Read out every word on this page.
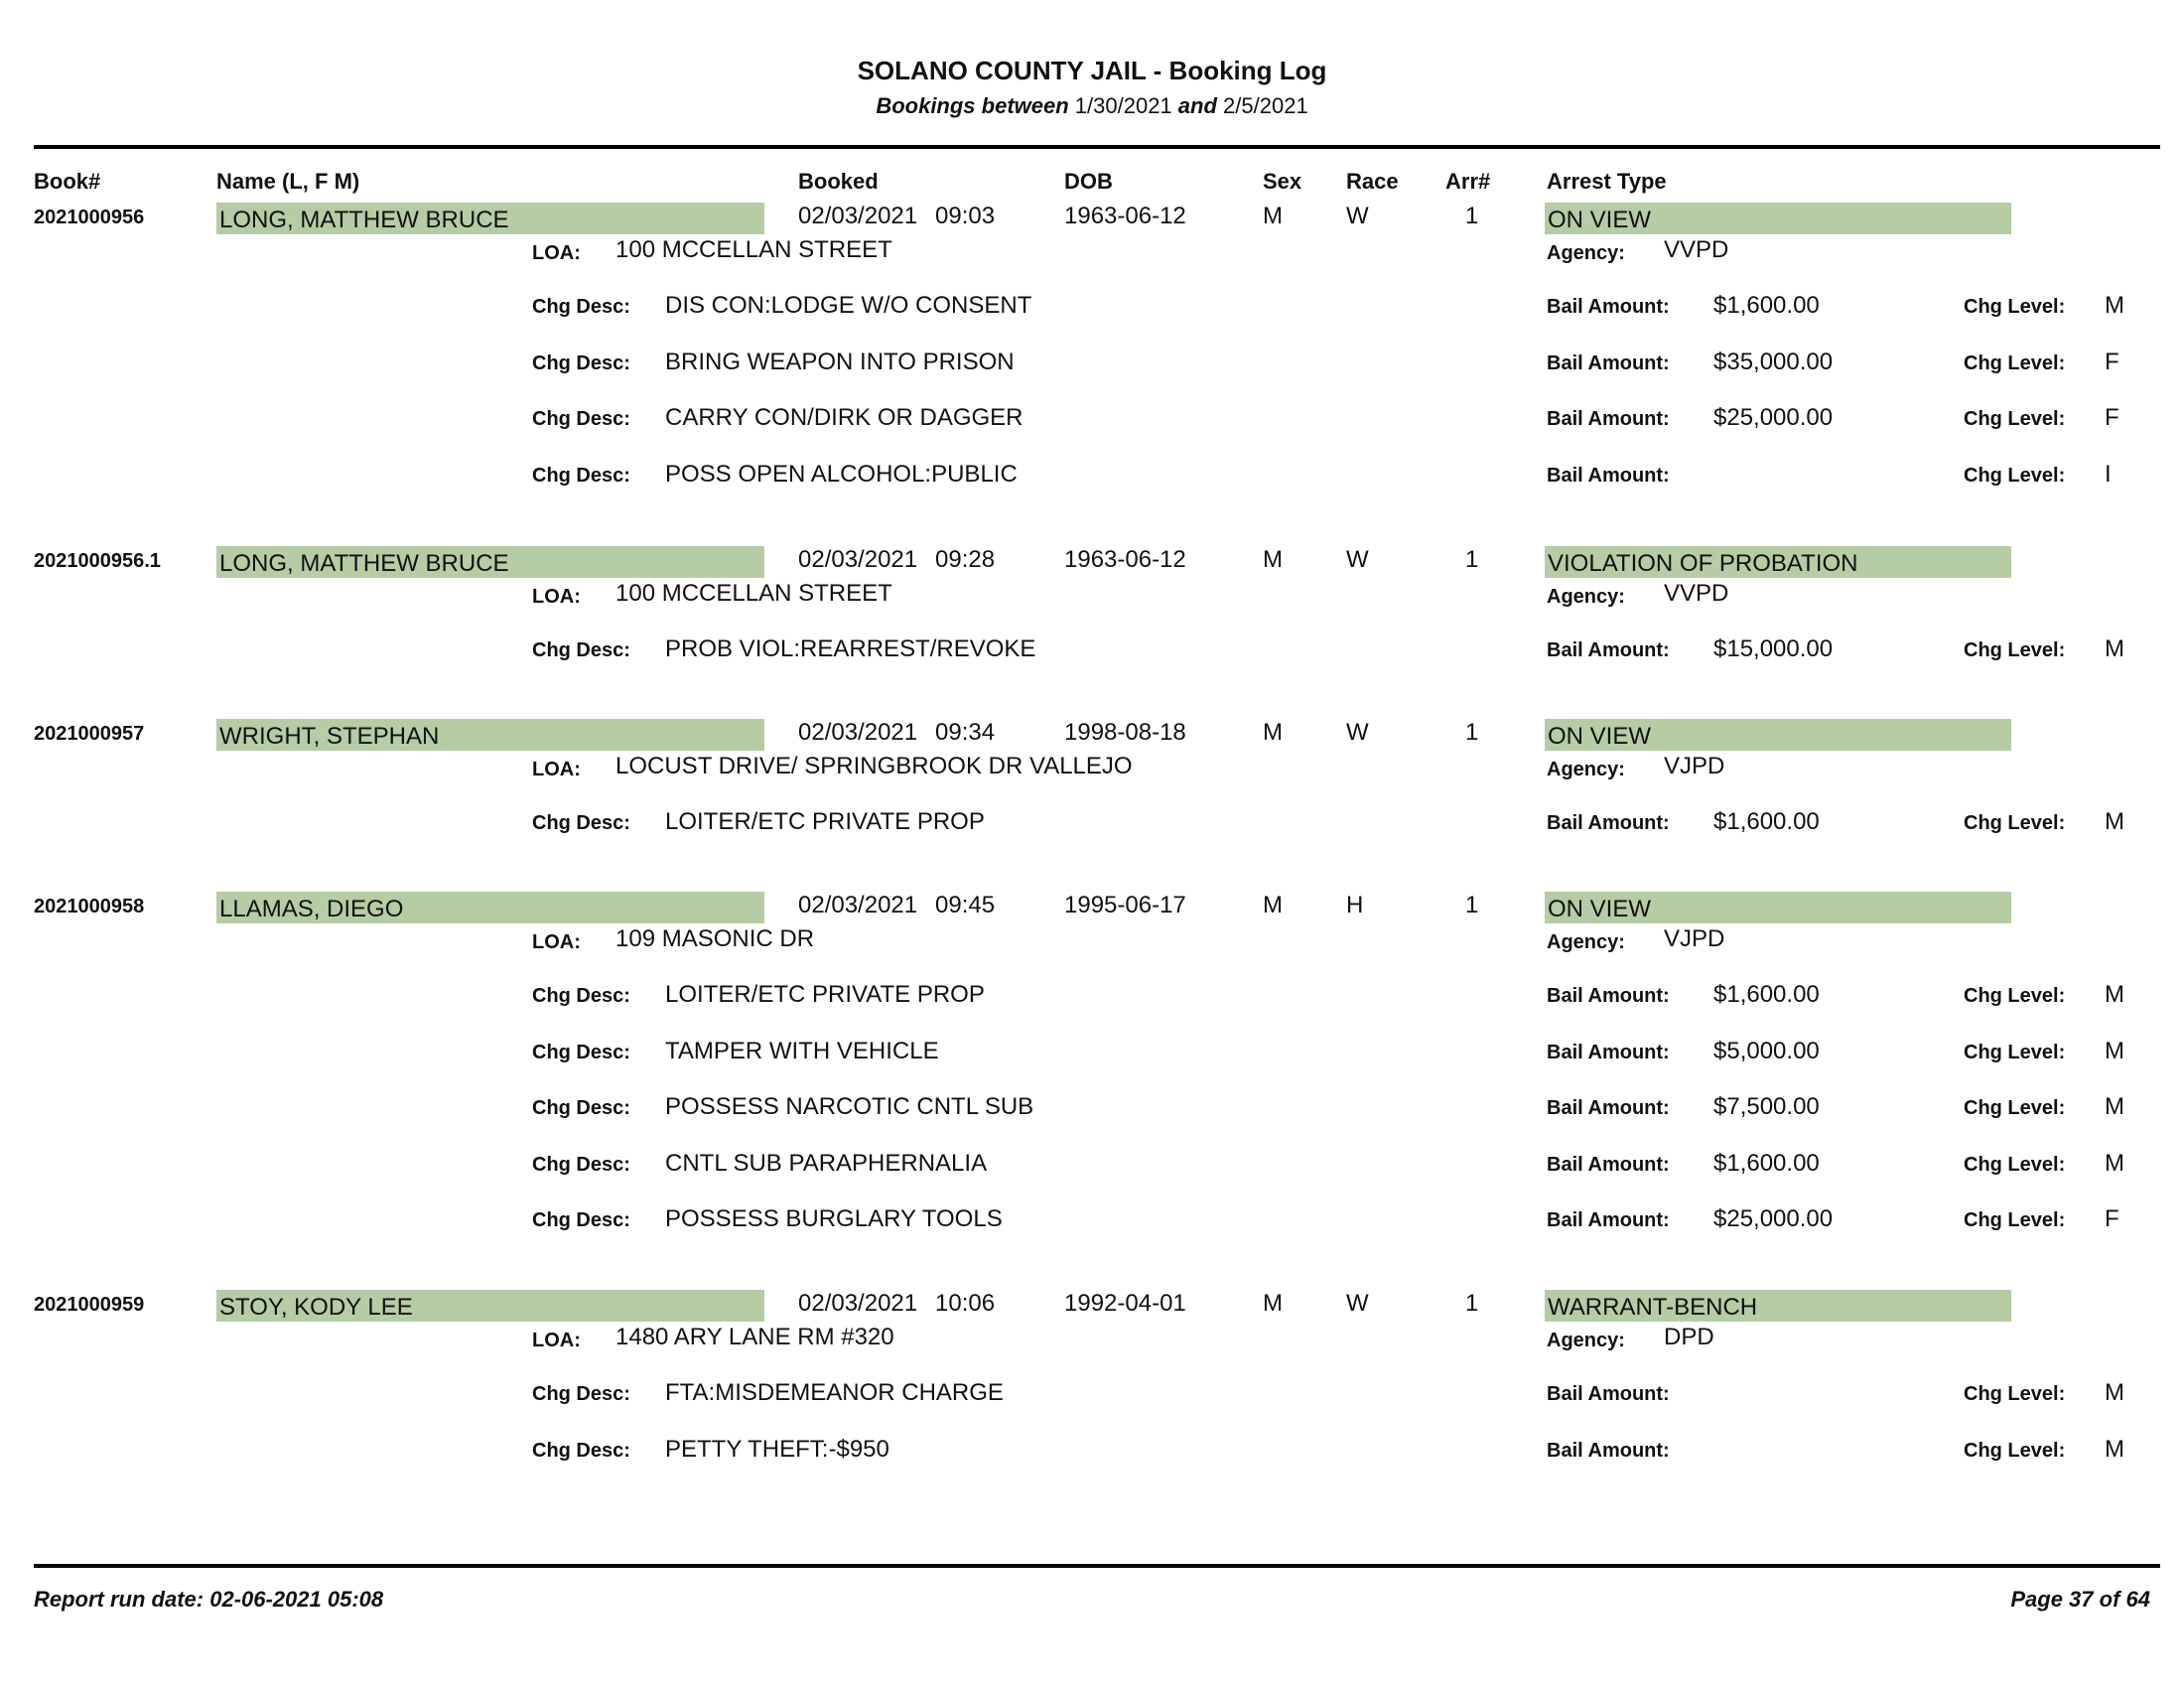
SOLANO COUNTY JAIL - Booking Log
Bookings between 1/30/2021 and 2/5/2021
Book#	Name (L, F M)	Booked	DOB	Sex Race Arr#	Arrest Type
2021000956	LONG, MATTHEW BRUCE	02/03/2021 09:03	1963-06-12	M	W	1	ON VIEW
LOA: 100 MCCELLAN STREET	Agency: VVPD
Chg Desc: DIS CON:LODGE W/O CONSENT	Bail Amount: $1,600.00	Chg Level: M
Chg Desc: BRING WEAPON INTO PRISON	Bail Amount: $35,000.00	Chg Level: F
Chg Desc: CARRY CON/DIRK OR DAGGER	Bail Amount: $25,000.00	Chg Level: F
Chg Desc: POSS OPEN ALCOHOL:PUBLIC	Bail Amount:	Chg Level: I
2021000956.1 LONG, MATTHEW BRUCE	02/03/2021 09:28	1963-06-12	M	W	1	VIOLATION OF PROBATION
LOA: 100 MCCELLAN STREET	Agency: VVPD
Chg Desc: PROB VIOL:REARREST/REVOKE	Bail Amount: $15,000.00	Chg Level: M
2021000957	WRIGHT, STEPHAN	02/03/2021 09:34	1998-08-18	M	W	1	ON VIEW
LOA: LOCUST DRIVE/ SPRINGBROOK DR VALLEJO	Agency: VJPD
Chg Desc: LOITER/ETC PRIVATE PROP	Bail Amount: $1,600.00	Chg Level: M
2021000958	LLAMAS, DIEGO	02/03/2021 09:45	1995-06-17	M	H	1	ON VIEW
LOA: 109 MASONIC DR	Agency: VJPD
Chg Desc: LOITER/ETC PRIVATE PROP	Bail Amount: $1,600.00	Chg Level: M
Chg Desc: TAMPER WITH VEHICLE	Bail Amount: $5,000.00	Chg Level: M
Chg Desc: POSSESS NARCOTIC CNTL SUB	Bail Amount: $7,500.00	Chg Level: M
Chg Desc: CNTL SUB PARAPHERNALIA	Bail Amount: $1,600.00	Chg Level: M
Chg Desc: POSSESS BURGLARY TOOLS	Bail Amount: $25,000.00	Chg Level: F
2021000959	STOY, KODY LEE	02/03/2021 10:06	1992-04-01	M	W	1	WARRANT-BENCH
LOA: 1480 ARY LANE RM #320	Agency: DPD
Chg Desc: FTA:MISDEMEANOR CHARGE	Bail Amount:	Chg Level: M
Chg Desc: PETTY THEFT:-$950	Bail Amount:	Chg Level: M
Report run date: 02-06-2021 05:08	Page 37 of 64
